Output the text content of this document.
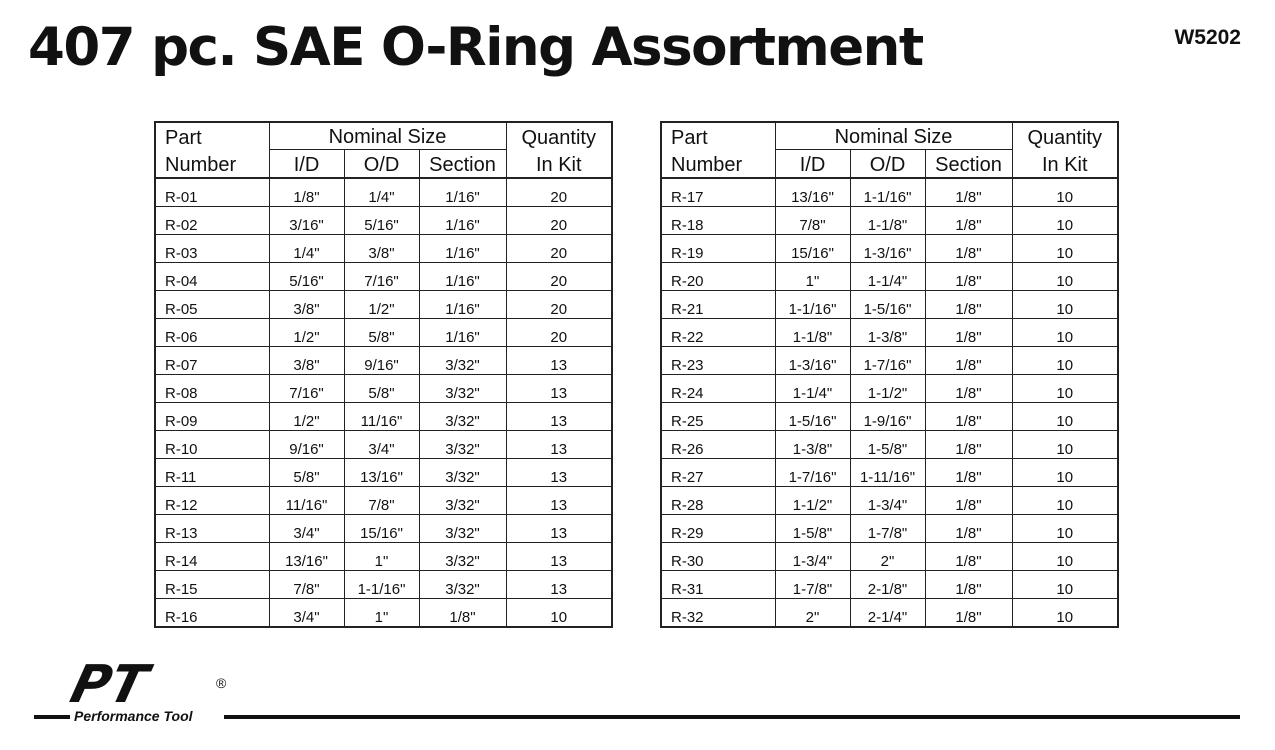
407 pc. SAE O-Ring Assortment	W5202
Part	Nominal Size			Quantity
Number	I/D	O/D	Section	In Kit
R-01	1/8"	1/4"	1/16"	20
R-02	3/16"	5/16"	1/16"	20
R-03	1/4"	3/8"	1/16"	20
R-04	5/16"	7/16"	1/16"	20
R-05	3/8"	1/2"	1/16"	20
R-06	1/2"	5/8"	1/16"	20
R-07	3/8"	9/16"	3/32"	13
R-08	7/16"	5/8"	3/32"	13
R-09	1/2"	11/16"	3/32"	13
R-10	9/16"	3/4"	3/32"	13
R-11	5/8"	13/16"	3/32"	13
R-12	11/16"	7/8"	3/32"	13
R-13	3/4"	15/16"	3/32"	13
R-14	13/16"	1"	3/32"	13
R-15	7/8"	1-1/16"	3/32"	13
R-16	3/4"	1"	1/8"	10
Part	Nominal Size			Quantity
Number	I/D	O/D	Section	In Kit
R-17	13/16"	1-1/16"	1/8"	10
R-18	7/8"	1-1/8"	1/8"	10
R-19	15/16"	1-3/16"	1/8"	10
R-20	1"	1-1/4"	1/8"	10
R-21	1-1/16"	1-5/16"	1/8"	10
R-22	1-1/8"	1-3/8"	1/8"	10
R-23	1-3/16"	1-7/16"	1/8"	10
R-24	1-1/4"	1-1/2"	1/8"	10
R-25	1-5/16"	1-9/16"	1/8"	10
R-26	1-3/8"	1-5/8"	1/8"	10
R-27	1-7/16"	1-11/16"	1/8"	10
R-28	1-1/2"	1-3/4"	1/8"	10
R-29	1-5/8"	1-7/8"	1/8"	10
R-30	1-3/4"	2"	1/8"	10
R-31	1-7/8"	2-1/8"	1/8"	10
R-32	2"	2-1/4"	1/8"	10
PT	®
Performance Tool
